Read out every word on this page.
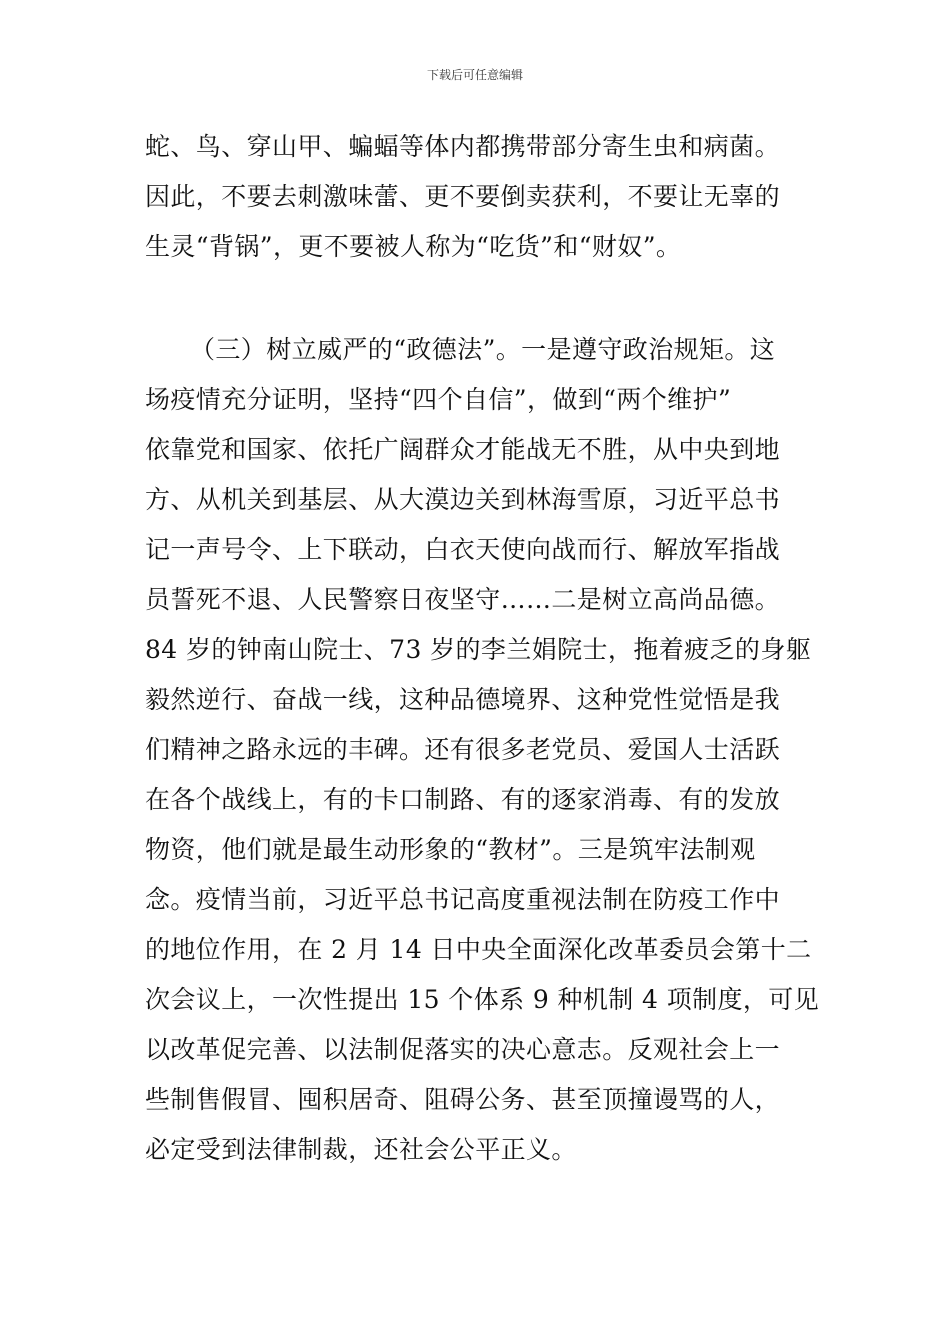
下载后可任意编辑
蛇、鸟、穿山甲、蝙蝠等体内都携带部分寄生虫和病菌。
因此，不要去刺激味蕾、更不要倒卖获利，不要让无辜的
生灵“背锅”，更不要被人称为“吃货”和“财奴”。
（三）树立威严的“政德法”。一是遵守政治规矩。这
场疫情充分证明，坚持“四个自信”，做到“两个维护”
依靠党和国家、依托广阔群众才能战无不胜，从中央到地
方、从机关到基层、从大漠边关到林海雪原，习近平总书
记一声号令、上下联动，白衣天使向战而行、解放军指战
员誓死不退、人民警察日夜坚守……二是树立高尚品德。
84 岁的钟南山院士、73 岁的李兰娟院士，拖着疲乏的身躯
毅然逆行、奋战一线，这种品德境界、这种党性觉悟是我
们精神之路永远的丰碑。还有很多老党员、爱国人士活跃
在各个战线上，有的卡口制路、有的逐家消毒、有的发放
物资，他们就是最生动形象的“教材”。三是筑牢法制观
念。疫情当前，习近平总书记高度重视法制在防疫工作中
的地位作用，在 2 月 14 日中央全面深化改革委员会第十二
次会议上，一次性提出 15 个体系 9 种机制 4 项制度，可见
以改革促完善、以法制促落实的决心意志。反观社会上一
些制售假冒、囤积居奇、阻碍公务、甚至顶撞谩骂的人，
必定受到法律制裁，还社会公平正义。
